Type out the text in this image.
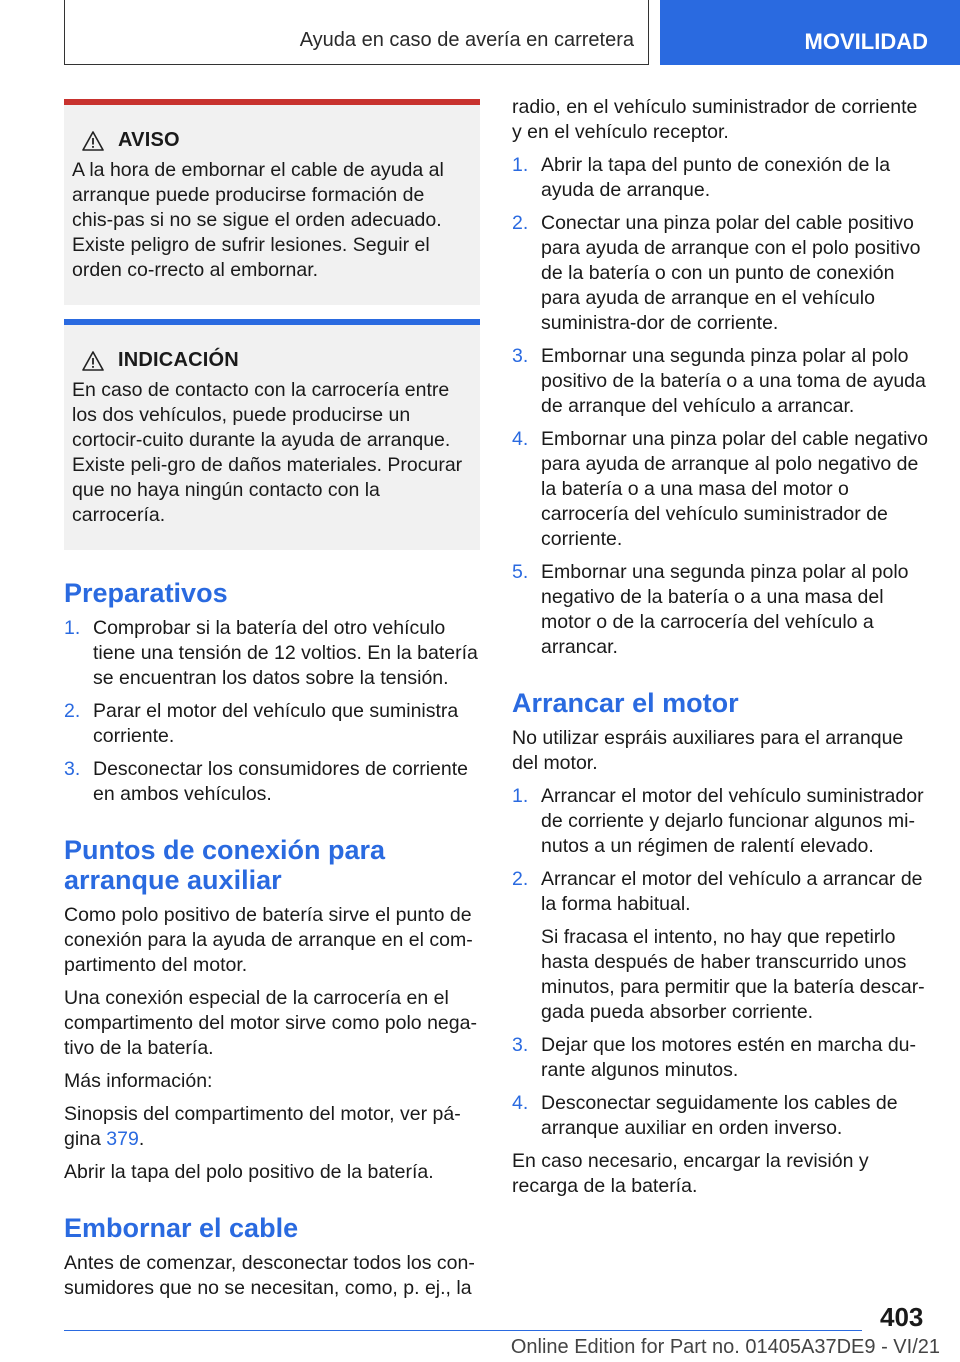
Ayuda en caso de avería en carretera	MOVILIDAD
AVISO

A la hora de embornar el cable de ayuda al arranque puede producirse formación de chis-pas si no se sigue el orden adecuado. Existe peligro de sufrir lesiones. Seguir el orden co-rrecto al embornar.

INDICACIÓN

En caso de contacto con la carrocería entre los dos vehículos, puede producirse un cortocir-cuito durante la ayuda de arranque. Existe peli-gro de daños materiales. Procurar que no haya ningún contacto con la carrocería.

Preparativos
1. Comprobar si la batería del otro vehículo tiene una tensión de 12 voltios. En la batería se encuentran los datos sobre la tensión.
2. Parar el motor del vehículo que suministra corriente.
3. Desconectar los consumidores de corriente en ambos vehículos.
Puntos de conexión para arranque auxiliar

Como polo positivo de batería sirve el punto de conexión para la ayuda de arranque en el com-partimento del motor.

Una conexión especial de la carrocería en el compartimento del motor sirve como polo nega-tivo de la batería.

Más información:

Sinopsis del compartimento del motor, ver pá-gina 379.

Abrir la tapa del polo positivo de la batería.

Embornar el cable

Antes de comenzar, desconectar todos los con-sumidores que no se necesitan, como, p. ej., la

radio, en el vehículo suministrador de corriente y en el vehículo receptor.

1. Abrir la tapa del punto de conexión de la ayuda de arranque.
2. Conectar una pinza polar del cable positivo para ayuda de arranque con el polo positivo de la batería o con un punto de conexión para ayuda de arranque en el vehículo suministra-dor de corriente.
3. Embornar una segunda pinza polar al polo positivo de la batería o a una toma de ayuda de arranque del vehículo a arrancar.
4. Embornar una pinza polar del cable negativo para ayuda de arranque al polo negativo de la batería o a una masa del motor o carrocería del vehículo suministrador de corriente.
5. Embornar una segunda pinza polar al polo negativo de la batería o a una masa del motor o de la carrocería del vehículo a arrancar.
Arrancar el motor

No utilizar espráis auxiliares para el arranque del motor.

1. Arrancar el motor del vehículo suministrador de corriente y dejarlo funcionar algunos mi-nutos a un régimen de ralentí elevado.
2. Arrancar el motor del vehículo a arrancar de la forma habitual.
Si fracasa el intento, no hay que repetirlo hasta después de haber transcurrido unos minutos, para permitir que la batería descar-gada pueda absorber corriente.
3. Dejar que los motores estén en marcha du-rante algunos minutos.
4. Desconectar seguidamente los cables de arranque auxiliar en orden inverso.

En caso necesario, encargar la revisión y recarga de la batería.

403
Online Edition for Part no. 01405A37DE9 - VI/21
